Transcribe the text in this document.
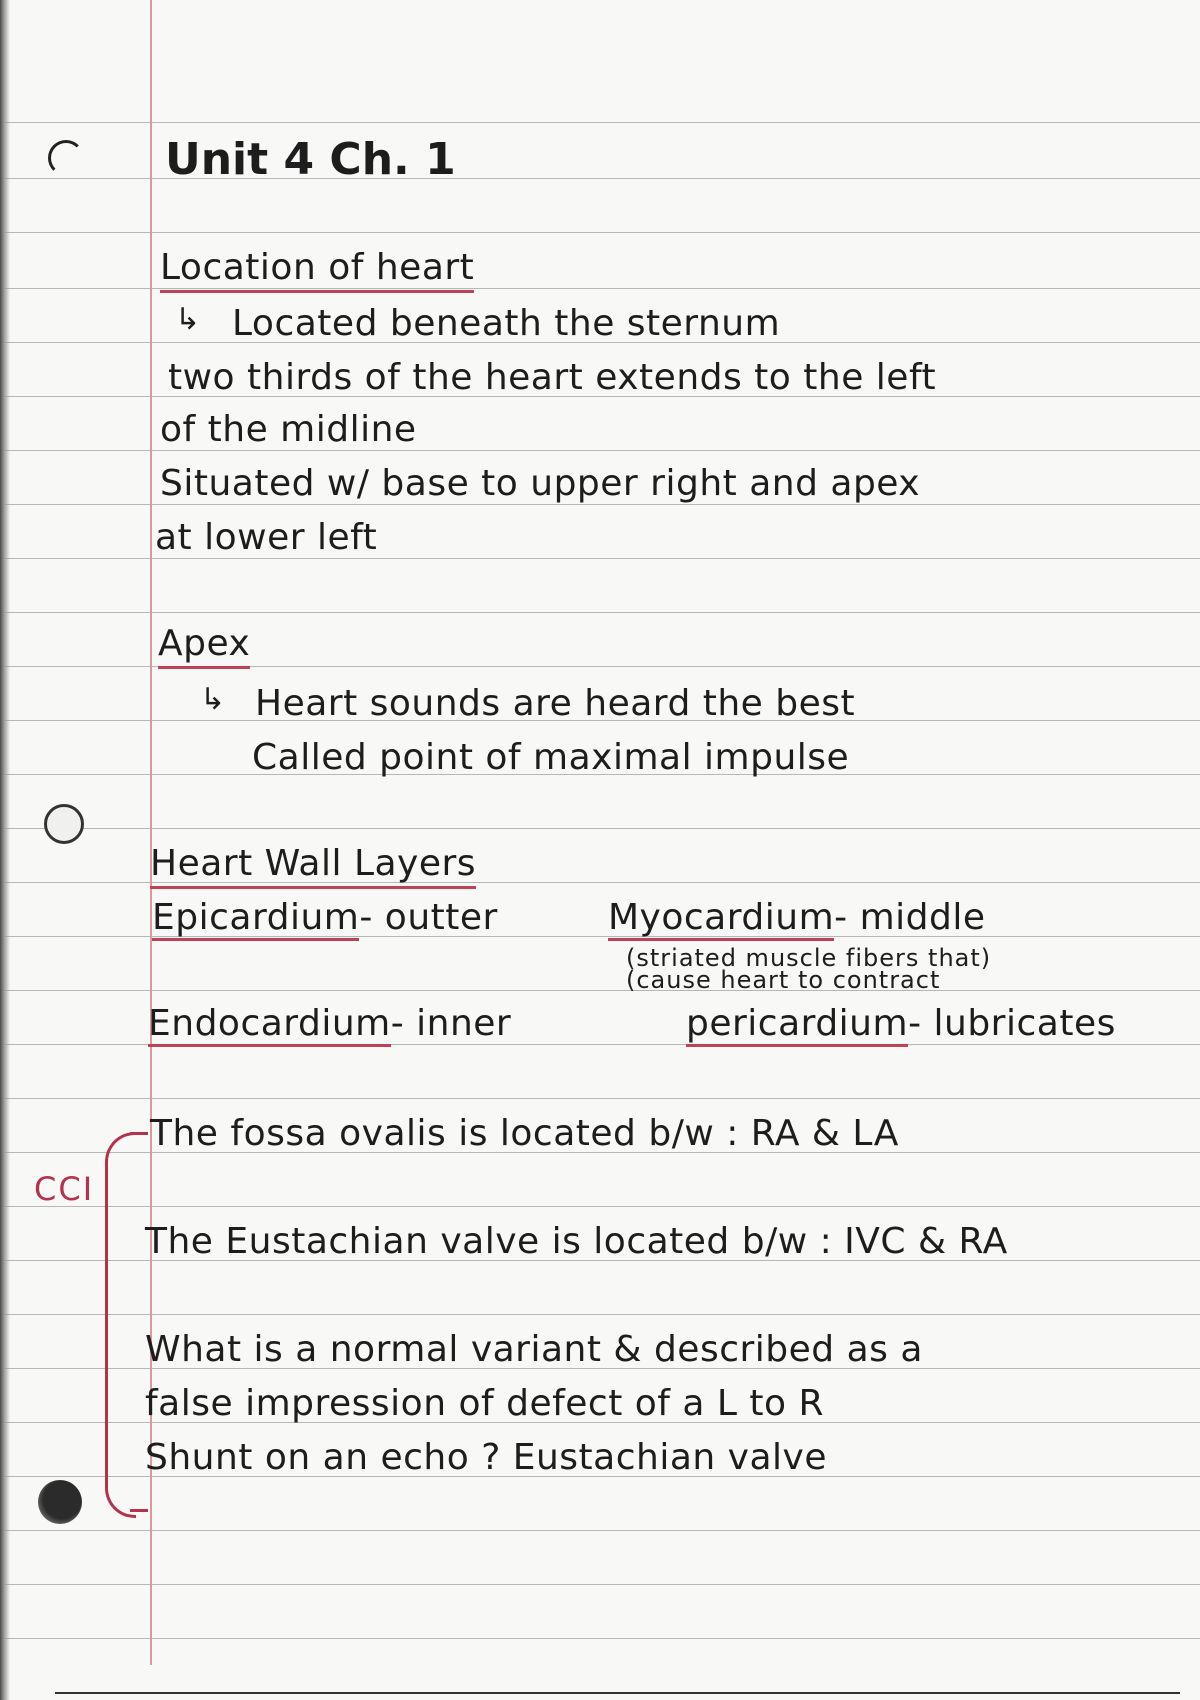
Unit 4 Ch. 1
Location of heart
↳ Located beneath the sternum
two thirds of the heart extends to the left
of the midline
Situated w/ base to upper right and apex
at lower left
Apex
↳ Heart sounds are heard the best
Called point of maximal impulse
Heart Wall Layers
Epicardium- outter	Myocardium- middle
(striated muscle fibers that)
(cause heart to contract
Endocardium- inner	pericardium- lubricates
CCI
The fossa ovalis is located b/w : RA & LA
The Eustachian valve is located b/w : IVC & RA
What is a normal variant & described as a
false impression of defect of a L to R
Shunt on an echo ? Eustachian valve
